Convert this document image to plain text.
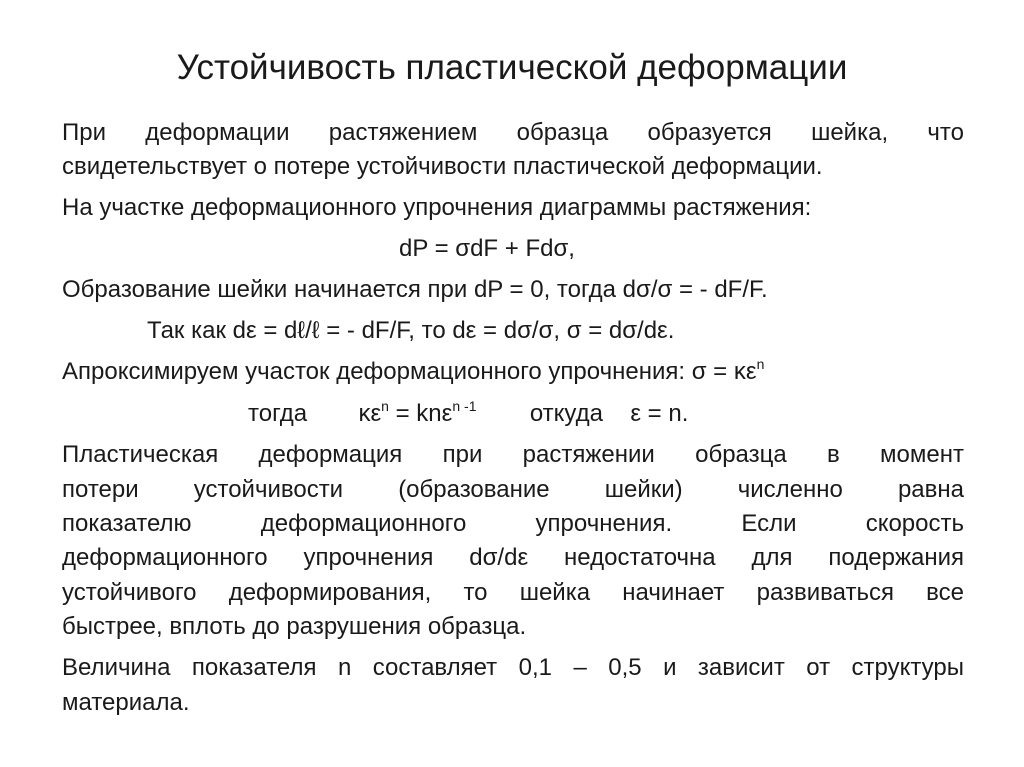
Устойчивость пластической деформации
При деформации растяжением образца образуется шейка, что
свидетельствует о потере устойчивости пластической деформации.
На участке деформационного упрочнения диаграммы растяжения:
dP = σdF + Fdσ,
Образование шейки начинается при dP = 0, тогда dσ/σ = - dF/F.
Так как dε = dℓ/ℓ = - dF/F, то dε = dσ/σ, σ = dσ/dε.
Апроксимируем участок деформационного упрочнения: $\sigma = \kappa\varepsilon^n$
тогда $\kappa\varepsilon^n = kn\varepsilon^{n -1}$ откуда ε = n.
Пластическая деформация при растяжении образца в момент
потери устойчивости (образование шейки) численно равна
показателю деформационного упрочнения. Если скорость
деформационного упрочнения dσ/dε недостаточна для подержания
устойчивого деформирования, то шейка начинает развиваться все
быстрее, вплоть до разрушения образца.
Величина показателя n составляет 0,1 – 0,5 и зависит от структуры
материала.
